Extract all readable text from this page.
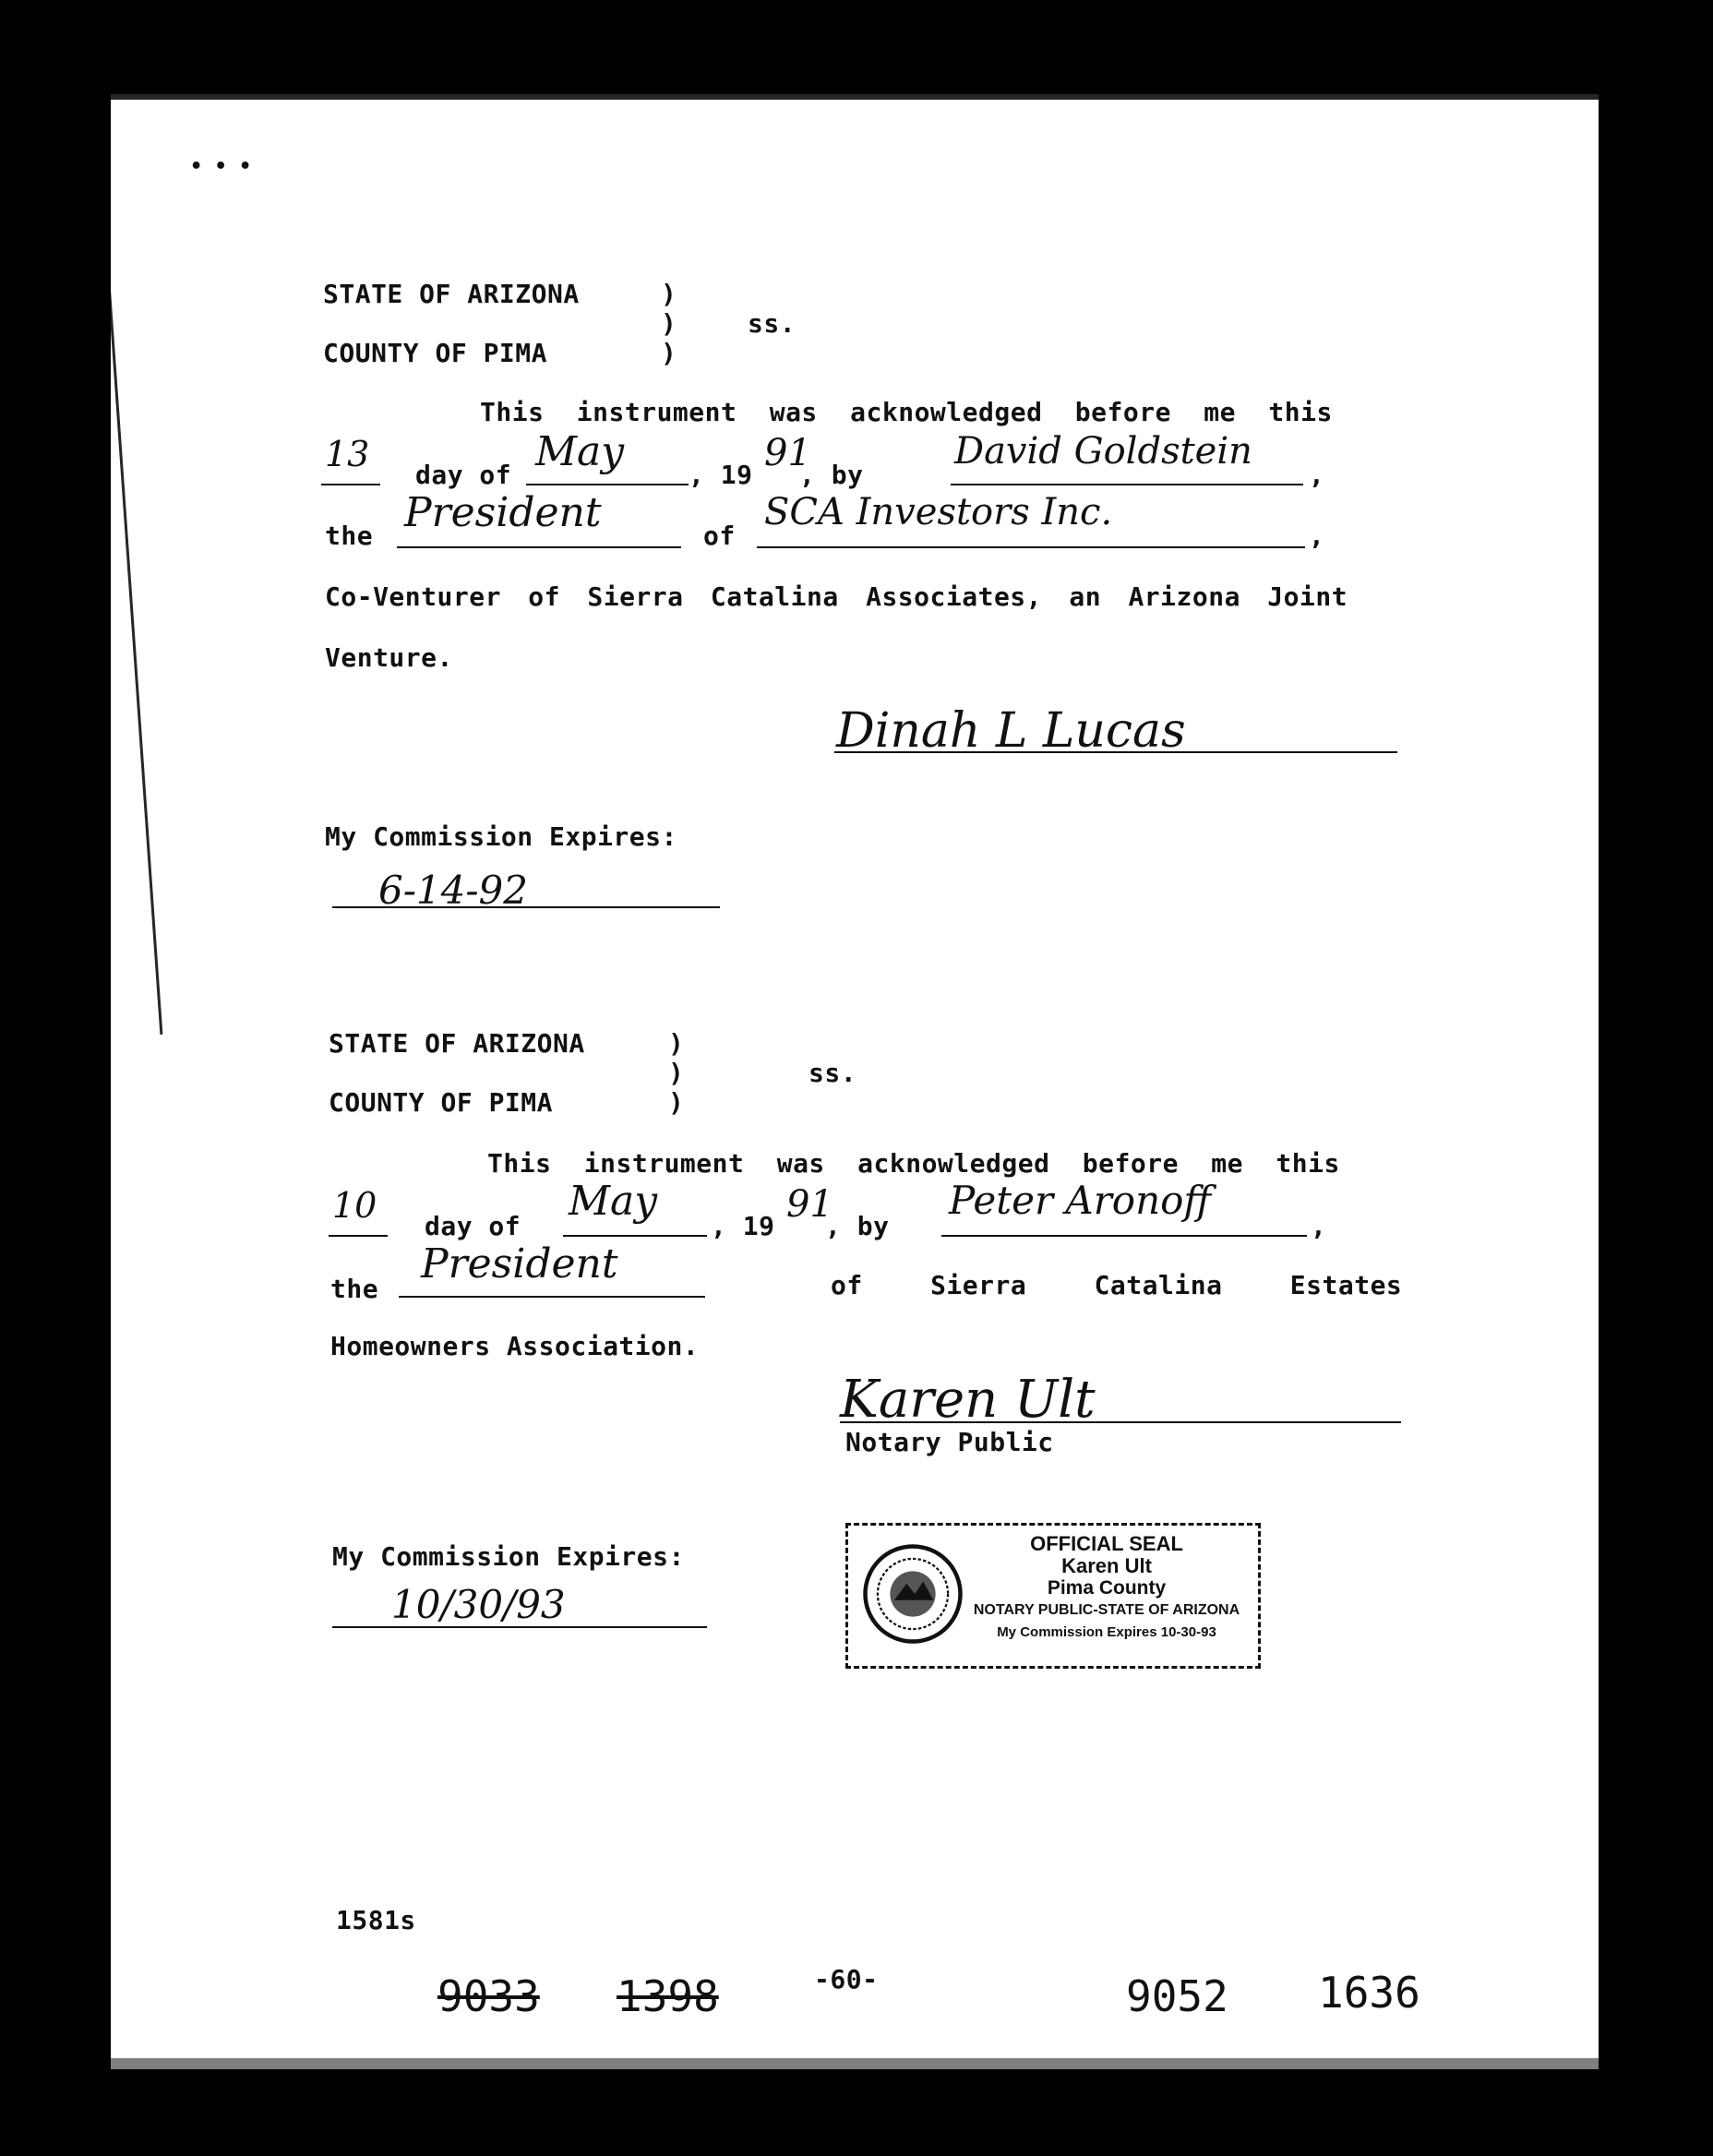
• • •
STATE OF ARIZONA	)
)	ss.
)
COUNTY OF PIMA
This instrument was acknowledged before me this
13
day of May , 19
91
, by
David Goldstein
,
the President	of
SCA Investors Inc.
,
Co-Venturer of Sierra Catalina Associates, an Arizona Joint
Venture.
Dinah L Lucas
My Commission Expires:
6-14-92
STATE OF ARIZONA	)
)	ss.
)
COUNTY OF PIMA
This instrument was acknowledged before me this
10
day of
May
, 19
91
, by
Peter Aronoff
,
the
President	of Sierra Catalina Estates
Homeowners Association.
Karen Ult
Notary Public
My Commission Expires:
10/30/93
OFFICIAL SEAL
Karen Ult
Pima County
NOTARY PUBLIC-STATE OF ARIZONA
My Commission Expires 10-30-93
1581s
9033 1398	-60-	9052 1636
